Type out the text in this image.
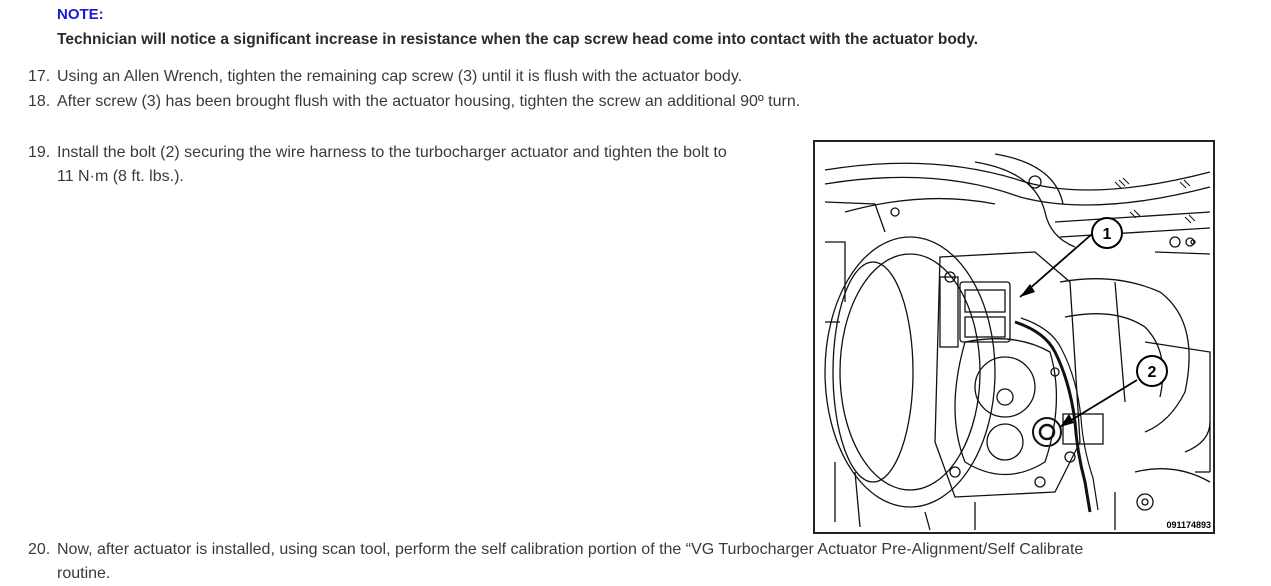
NOTE:
Technician will notice a significant increase in resistance when the cap screw head come into contact with the actuator body.
17. Using an Allen Wrench, tighten the remaining cap screw (3) until it is flush with the actuator body.
18. After screw (3) has been brought flush with the actuator housing, tighten the screw an additional 90º turn.
19. Install the bolt (2) securing the wire harness to the turbocharger actuator and tighten the bolt to
11 N·m (8 ft. lbs.).
20. Now, after actuator is installed, using scan tool, perform the self calibration portion of the “VG Turbocharger Actuator Pre-Alignment/Self Calibrate
routine.
1
2
091174893
